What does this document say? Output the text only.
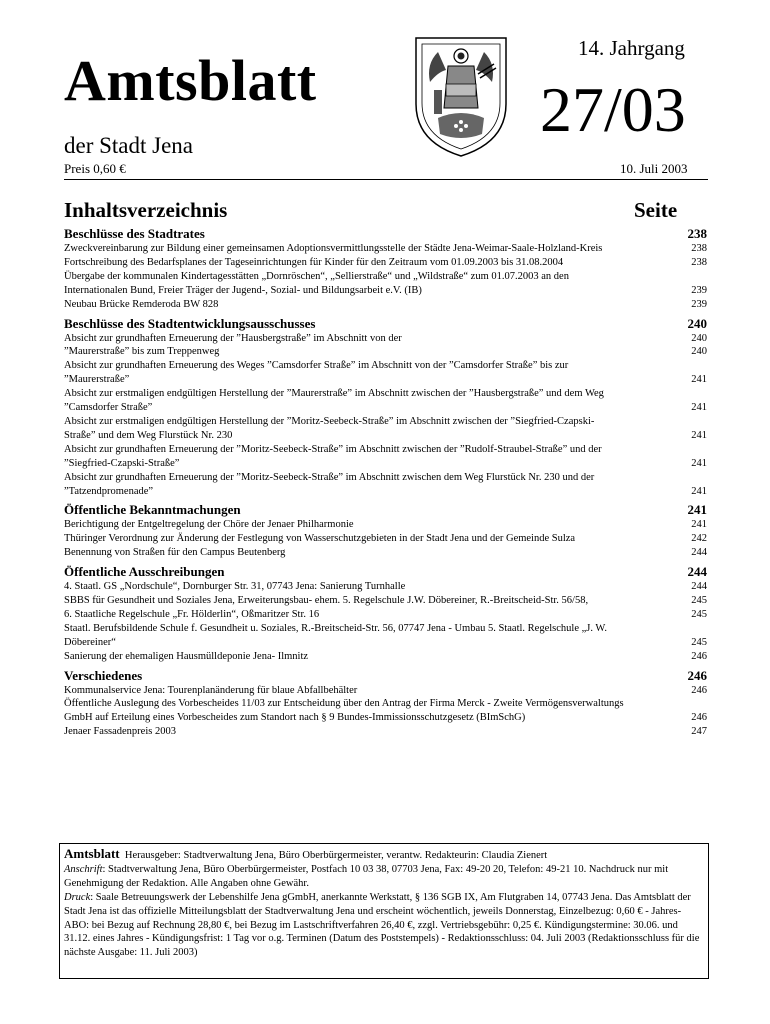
Amtsblatt
der Stadt Jena
Preis 0,60 €
14. Jahrgang
27/03
10. Juli 2003
Inhaltsverzeichnis	Seite
Beschlüsse des Stadtrates	238
Zweckvereinbarung zur Bildung einer gemeinsamen Adoptionsvermittlungsstelle der Städte Jena-Weimar-Saale-Holzland-Kreis	238
Fortschreibung des Bedarfsplanes der Tageseinrichtungen für Kinder für den Zeitraum vom 01.09.2003 bis 31.08.2004	238
Übergabe der kommunalen Kindertagesstätten „Dornröschen“, „Sellierstraße“ und „Wildstraße“ zum 01.07.2003 an den Internationalen Bund, Freier Träger der Jugend-, Sozial- und Bildungsarbeit e.V. (IB)	239
Neubau Brücke Remderoda BW 828	239
Beschlüsse des Stadtentwicklungsausschusses	240
Absicht zur grundhaften Erneuerung der ”Hausbergstraße” im Abschnitt von der	240
”Maurerstraße” bis zum Treppenweg	240
Absicht zur grundhaften Erneuerung des Weges ”Camsdorfer Straße” im Abschnitt von der ”Camsdorfer Straße” bis zur ”Maurerstraße”	241
Absicht zur erstmaligen endgültigen Herstellung der ”Maurerstraße” im Abschnitt zwischen der ”Hausbergstraße” und dem Weg ”Camsdorfer Straße”	241
Absicht zur erstmaligen endgültigen Herstellung der ”Moritz-Seebeck-Straße” im Abschnitt zwischen der ”Siegfried-Czapski-Straße” und dem Weg Flurstück Nr. 230	241
Absicht zur grundhaften Erneuerung der ”Moritz-Seebeck-Straße” im Abschnitt zwischen der ”Rudolf-Straubel-Straße” und der ”Siegfried-Czapski-Straße”	241
Absicht zur grundhaften Erneuerung der ”Moritz-Seebeck-Straße” im Abschnitt zwischen dem Weg Flurstück Nr. 230 und der ”Tatzendpromenade”	241
Öffentliche Bekanntmachungen	241
Berichtigung der Entgeltregelung der Chöre der Jenaer Philharmonie	241
Thüringer Verordnung zur Änderung der Festlegung von Wasserschutzgebieten in der Stadt Jena und der Gemeinde Sulza	242
Benennung von Straßen für den Campus Beutenberg	244
Öffentliche Ausschreibungen	244
4. Staatl. GS „Nordschule“, Dornburger Str. 31, 07743 Jena: Sanierung Turnhalle	244
SBBS für Gesundheit und Soziales Jena, Erweiterungsbau- ehem. 5. Regelschule J.W. Döbereiner, R.-Breitscheid-Str. 56/58,	245
6. Staatliche Regelschule „Fr. Hölderlin“, Oßmaritzer Str. 16	245
Staatl. Berufsbildende Schule f. Gesundheit u. Soziales, R.-Breitscheid-Str. 56, 07747 Jena - Umbau 5. Staatl. Regelschule „J. W. Döbereiner“	245
Sanierung der ehemaligen Hausmülldeponie Jena- Ilmnitz	246
Verschiedenes	246
Kommunalservice Jena: Tourenplanänderung für blaue Abfallbehälter	246
Öffentliche Auslegung des Vorbescheides 11/03 zur Entscheidung über den Antrag der Firma Merck - Zweite Vermögensverwaltungs GmbH auf Erteilung eines Vorbescheides zum Standort nach § 9 Bundes-Immissionsschutzgesetz (BImSchG)	246
Jenaer Fassadenpreis 2003	247
Amtsblatt Herausgeber: Stadtverwaltung Jena, Büro Oberbürgermeister, verantw. Redakteurin: Claudia Zienert
Anschrift: Stadtverwaltung Jena, Büro Oberbürgermeister, Postfach 10 03 38, 07703 Jena, Fax: 49-20 20, Telefon: 49-21 10. Nachdruck nur mit Genehmigung der Redaktion. Alle Angaben ohne Gewähr.
Druck: Saale Betreuungswerk der Lebenshilfe Jena gGmbH, anerkannte Werkstatt, § 136 SGB IX, Am Flutgraben 14, 07743 Jena. Das Amtsblatt der Stadt Jena ist das offizielle Mitteilungsblatt der Stadtverwaltung Jena und erscheint wöchentlich, jeweils Donnerstag, Einzelbezug: 0,60 € - Jahres-ABO: bei Bezug auf Rechnung 28,80 €, bei Bezug im Lastschriftverfahren 26,40 €, zzgl. Vertriebsgebühr: 0,25 €. Kündigungstermine: 30.06. und 31.12. eines Jahres - Kündigungsfrist: 1 Tag vor o.g. Terminen (Datum des Poststempels) - Redaktionsschluss: 04. Juli 2003 (Redaktionsschluss für die nächste Ausgabe: 11. Juli 2003)
